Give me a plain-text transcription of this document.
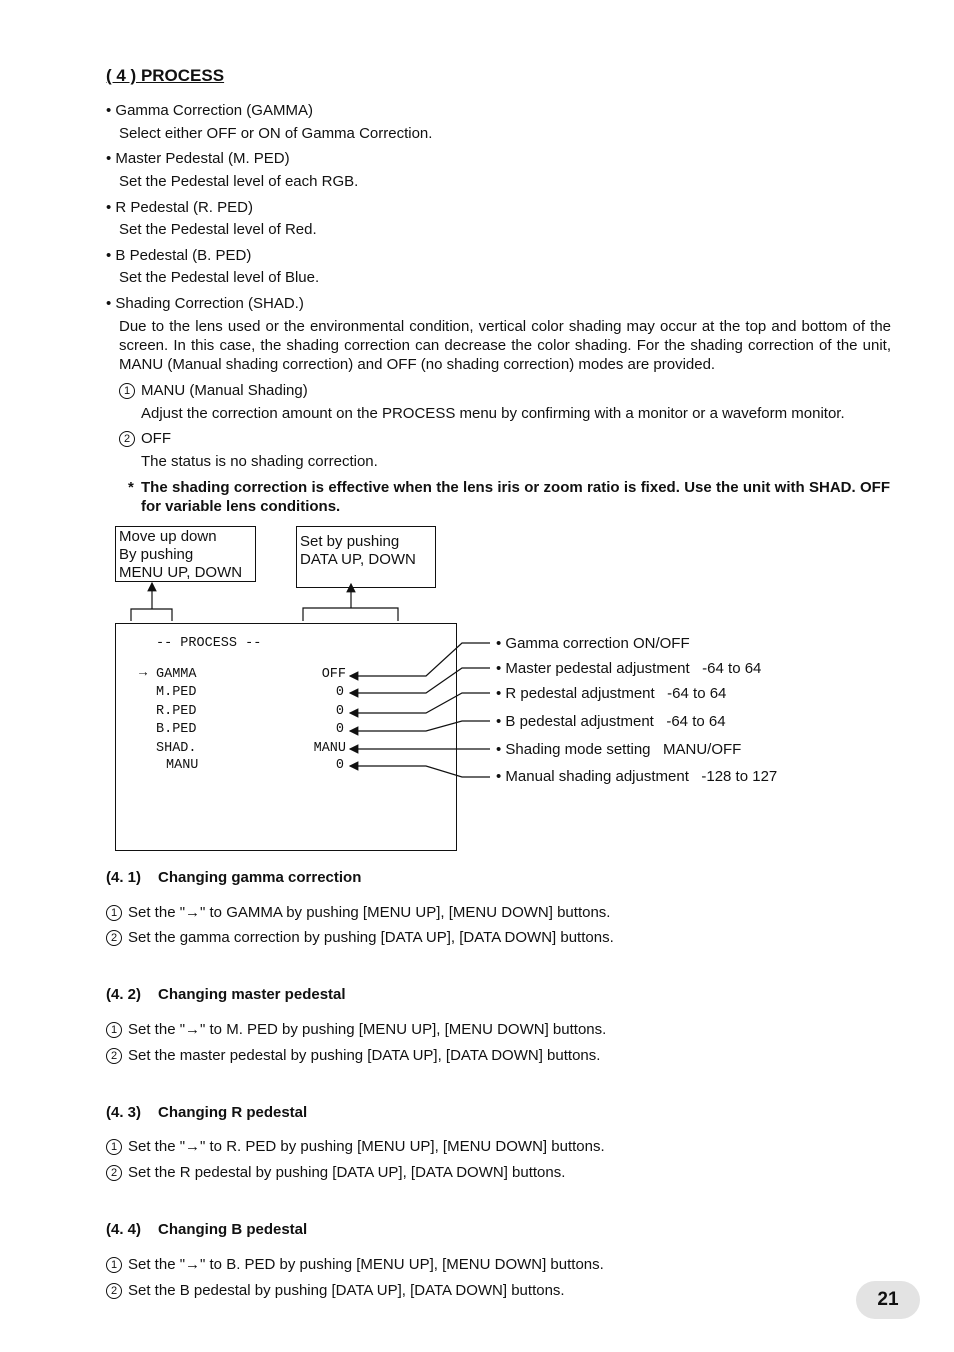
( 4 ) PROCESS
• Gamma Correction (GAMMA)
Select either OFF or ON of Gamma Correction.
• Master Pedestal (M. PED)
Set the Pedestal level of each RGB.
• R Pedestal (R. PED)
Set the Pedestal level of Red.
• B Pedestal (B. PED)
Set the Pedestal level of Blue.
• Shading Correction (SHAD.)
Due to the lens used or the environmental condition, vertical color shading may occur at the top and bottom of the screen. In this case, the shading correction can decrease the color shading. For the shading correction of the unit, MANU (Manual shading correction) and OFF (no shading correction) modes are provided.
1 MANU (Manual Shading)
Adjust the correction amount on the PROCESS menu by confirming with a monitor or a waveform monitor.
2 OFF
The status is no shading correction.
* The shading correction is effective when the lens iris or zoom ratio is fixed. Use the unit with SHAD. OFF for variable lens conditions.
Move up down
By pushing
MENU UP, DOWN
Set by pushing
DATA UP, DOWN
-- PROCESS --
→ GAMMA
M.PED
R.PED
B.PED
SHAD.
MANU
OFF
0
0
0
MANU
0
• Gamma correction ON/OFF
• Master pedestal adjustment   -64 to 64
• R pedestal adjustment   -64 to 64
• B pedestal adjustment   -64 to 64
• Shading mode setting   MANU/OFF
• Manual shading adjustment   -128 to 127
(4. 1) Changing gamma correction
1 Set the "→" to GAMMA by pushing [MENU UP], [MENU DOWN] buttons.
2 Set the gamma correction by pushing [DATA UP], [DATA DOWN] buttons.
(4. 2) Changing master pedestal
1 Set the "→" to M. PED by pushing [MENU UP], [MENU DOWN] buttons.
2 Set the master pedestal by pushing [DATA UP], [DATA DOWN] buttons.
(4. 3) Changing R pedestal
1 Set the "→" to R. PED by pushing [MENU UP], [MENU DOWN] buttons.
2 Set the R pedestal by pushing [DATA UP], [DATA DOWN] buttons.
(4. 4) Changing B pedestal
1 Set the "→" to B. PED by pushing [MENU UP], [MENU DOWN] buttons.
2 Set the B pedestal by pushing [DATA UP], [DATA DOWN] buttons.	21
